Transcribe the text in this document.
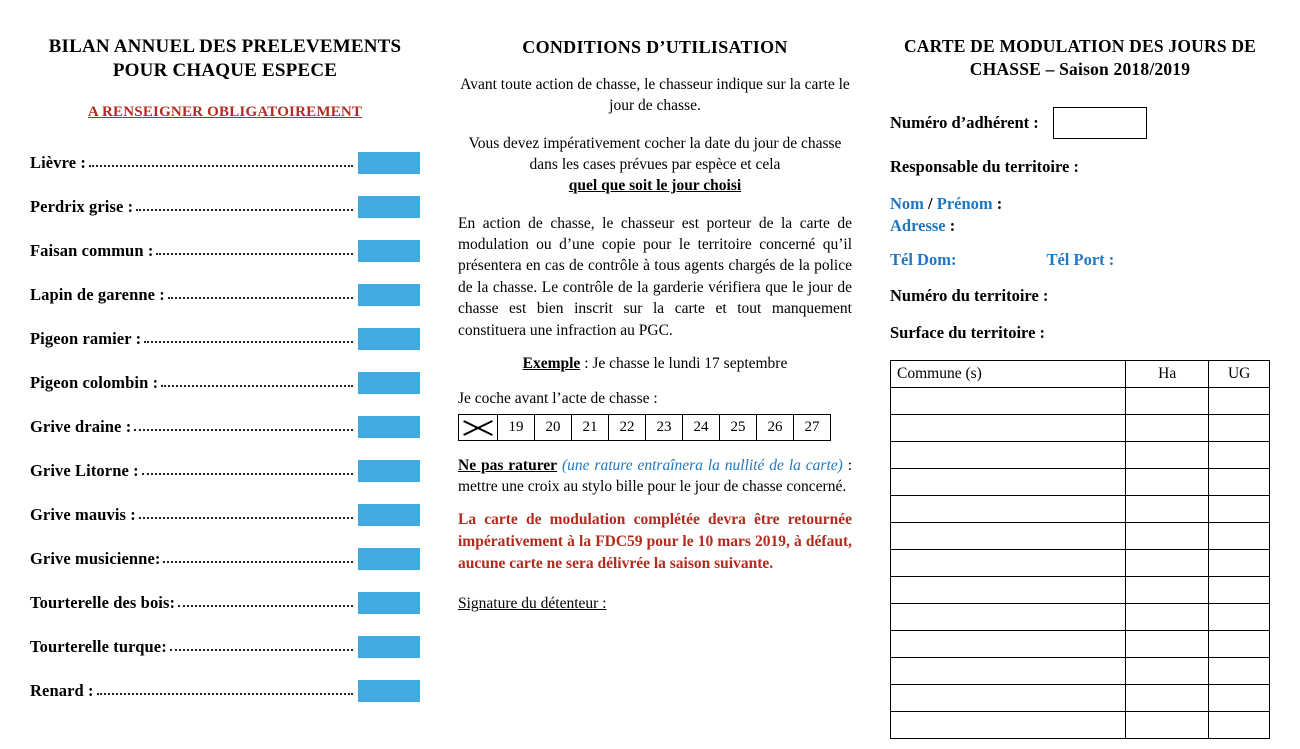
BILAN ANNUEL DES PRELEVEMENTS POUR CHAQUE ESPECE
A RENSEIGNER OBLIGATOIREMENT
Lièvre :
Perdrix grise :
Faisan commun :
Lapin de garenne :
Pigeon ramier :
Pigeon colombin :
Grive draine :
Grive Litorne :
Grive mauvis :
Grive musicienne:
Tourterelle des bois:
Tourterelle turque:
Renard :
CONDITIONS D’UTILISATION
Avant toute action de chasse, le chasseur indique sur la carte le jour de chasse.
Vous devez impérativement cocher la date du jour de chasse dans les cases prévues par espèce et cela
quel que soit le jour choisi
En action de chasse, le chasseur est porteur de la carte de modulation ou d’une copie pour le territoire concerné qu’il présentera en cas de contrôle à tous agents chargés de la police de la chasse. Le contrôle de la garderie vérifiera que le jour de chasse est bien inscrit sur la carte et tout manquement constituera une infraction au PGC.
Exemple : Je chasse le lundi 17 septembre
Je coche avant l’acte de chasse :
	19	20	21	22	23	24	25	26	27
Ne pas raturer (une rature entraînera la nullité de la carte) : mettre une croix au stylo bille pour le jour de chasse concerné.
La carte de modulation complétée devra être retournée impérativement à la FDC59 pour le 10 mars 2019, à défaut, aucune carte ne sera délivrée la saison suivante.
Signature du détenteur :
CARTE DE MODULATION DES JOURS DE CHASSE – Saison 2018/2019
Numéro d’adhérent :
Responsable du territoire :
Nom / Prénom :
Adresse :
Tél Dom:	Tél Port :
Numéro du territoire :
Surface du territoire :
Commune (s)	Ha	UG
